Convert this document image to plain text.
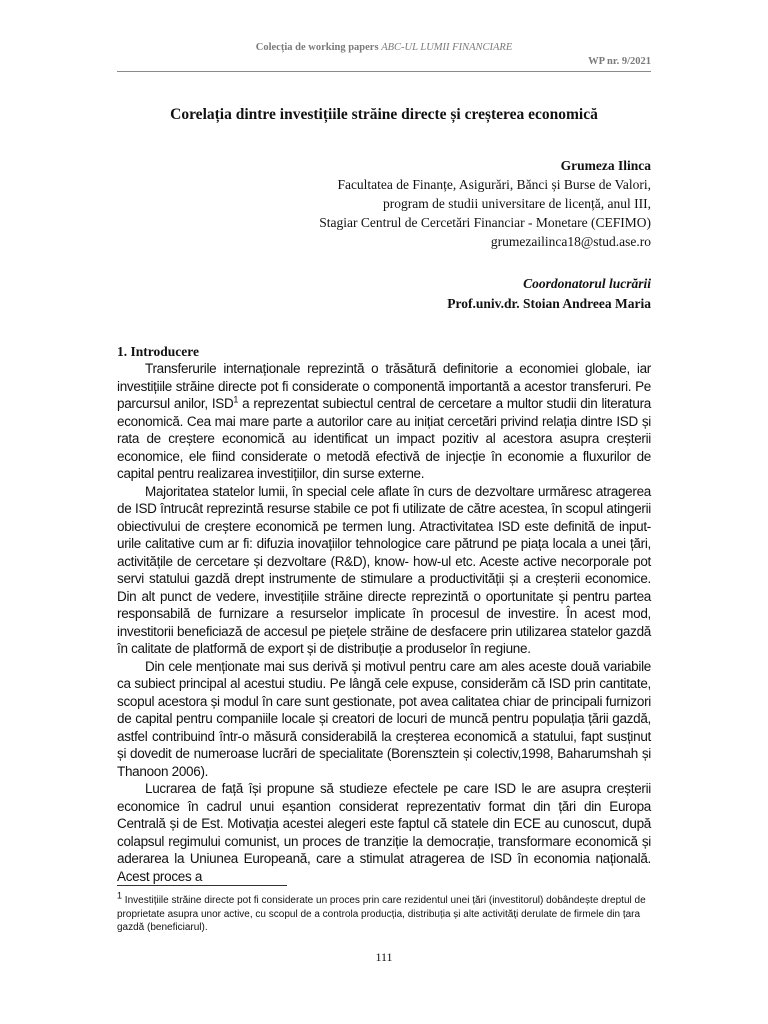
Colecția de working papers ABC-UL LUMII FINANCIARE
WP nr. 9/2021
Corelația dintre investițiile străine directe și creșterea economică
Grumeza Ilinca
Facultatea de Finanțe, Asigurări, Bănci și Burse de Valori,
program de studii universitare de licență, anul III,
Stagiar Centrul de Cercetări Financiar - Monetare (CEFIMO)
grumezailinca18@stud.ase.ro
Coordonatorul lucrării
Prof.univ.dr. Stoian Andreea Maria
1. Introducere

Transferurile internaționale reprezintă o trăsătură definitorie a economiei globale, iar investițiile străine directe pot fi considerate o componentă importantă a acestor transferuri. Pe parcursul anilor, ISD$^1$ a reprezentat subiectul central de cercetare a multor studii din literatura economică. Cea mai mare parte a autorilor care au inițiat cercetări privind relația dintre ISD și rata de creștere economică au identificat un impact pozitiv al acestora asupra creșterii economice, ele fiind considerate o metodă efectivă de injecție în economie a fluxurilor de capital pentru realizarea investițiilor, din surse externe.

Majoritatea statelor lumii, în special cele aflate în curs de dezvoltare urmăresc atragerea de ISD întrucât reprezintă resurse stabile ce pot fi utilizate de către acestea, în scopul atingerii obiectivului de creștere economică pe termen lung. Atractivitatea ISD este definită de input-urile calitative cum ar fi: difuzia inovațiilor tehnologice care pătrund pe piața locala a unei țări, activitățile de cercetare și dezvoltare (R&D), know- how-ul etc. Aceste active necorporale pot servi statului gazdă drept instrumente de stimulare a productivității și a creșterii economice. Din alt punct de vedere, investițiile străine directe reprezintă o oportunitate și pentru partea responsabilă de furnizare a resurselor implicate în procesul de investire. În acest mod, investitorii beneficiază de accesul pe piețele străine de desfacere prin utilizarea statelor gazdă în calitate de platformă de export și de distribuție a produselor în regiune.

Din cele menționate mai sus derivă și motivul pentru care am ales aceste două variabile ca subiect principal al acestui studiu. Pe lângă cele expuse, considerăm că ISD prin cantitate, scopul acestora și modul în care sunt gestionate, pot avea calitatea chiar de principali furnizori de capital pentru companiile locale și creatori de locuri de muncă pentru populația țării gazdă, astfel contribuind într-o măsură considerabilă la creșterea economică a statului, fapt susținut și dovedit de numeroase lucrări de specialitate (Borensztein și colectiv,1998, Baharumshah și Thanoon 2006).

Lucrarea de față își propune să studieze efectele pe care ISD le are asupra creșterii economice în cadrul unui eșantion considerat reprezentativ format din țări din Europa Centrală și de Est. Motivația acestei alegeri este faptul că statele din ECE au cunoscut, după colapsul regimului comunist, un proces de tranziție la democrație, transformare economică și aderarea la Uniunea Europeană, care a stimulat atragerea de ISD în economia națională. Acest proces a

$^1$ Investițiile străine directe pot fi considerate un proces prin care rezidentul unei țări (investitorul) dobândește dreptul de proprietate asupra unor active, cu scopul de a controla producția, distribuția și alte activități derulate de firmele din țara gazdă (beneficiarul).
111
